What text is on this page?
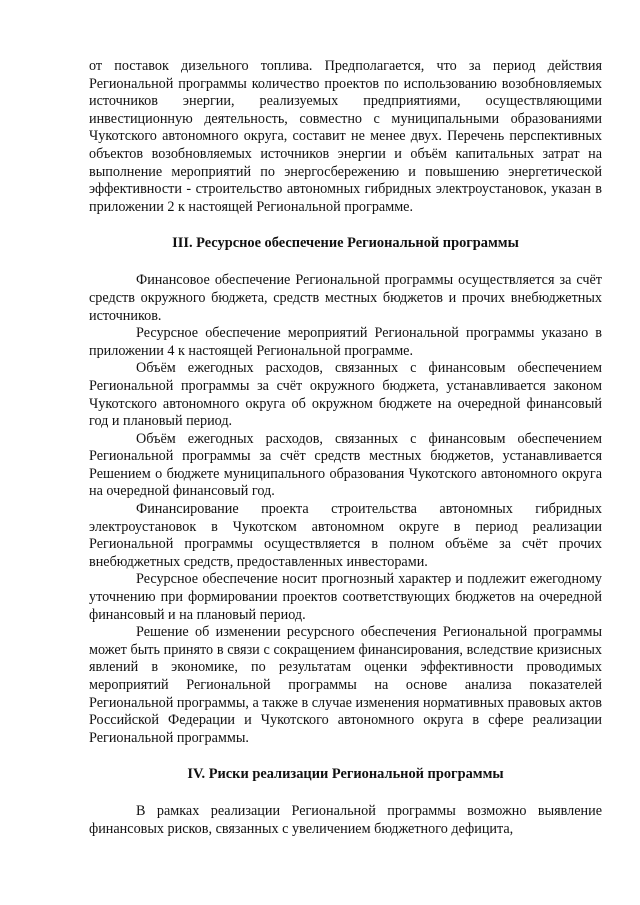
от поставок дизельного топлива. Предполагается, что за период действия Региональной программы количество проектов по использованию возобновляемых источников энергии, реализуемых предприятиями, осуществляющими инвестиционную деятельность, совместно с муниципальными образованиями Чукотского автономного округа, составит не менее двух. Перечень перспективных объектов возобновляемых источников энергии и объём капитальных затрат на выполнение мероприятий по энергосбережению и повышению энергетической эффективности - строительство автономных гибридных электроустановок, указан в приложении 2 к настоящей Региональной программе.

III. Ресурсное обеспечение Региональной программы

Финансовое обеспечение Региональной программы осуществляется за счёт средств окружного бюджета, средств местных бюджетов и прочих внебюджетных источников.

Ресурсное обеспечение мероприятий Региональной программы указано в приложении 4 к настоящей Региональной программе.

Объём ежегодных расходов, связанных с финансовым обеспечением Региональной программы за счёт окружного бюджета, устанавливается законом Чукотского автономного округа об окружном бюджете на очередной финансовый год и плановый период.

Объём ежегодных расходов, связанных с финансовым обеспечением Региональной программы за счёт средств местных бюджетов, устанавливается Решением о бюджете муниципального образования Чукотского автономного округа на очередной финансовый год.

Финансирование проекта строительства автономных гибридных электроустановок в Чукотском автономном округе в период реализации Региональной программы осуществляется в полном объёме за счёт прочих внебюджетных средств, предоставленных инвесторами.

Ресурсное обеспечение носит прогнозный характер и подлежит ежегодному уточнению при формировании проектов соответствующих бюджетов на очередной финансовый и на плановый период.

Решение об изменении ресурсного обеспечения Региональной программы может быть принято в связи с сокращением финансирования, вследствие кризисных явлений в экономике, по результатам оценки эффективности проводимых мероприятий Региональной программы на основе анализа показателей Региональной программы, а также в случае изменения нормативных правовых актов Российской Федерации и Чукотского автономного округа в сфере реализации Региональной программы.

IV. Риски реализации Региональной программы

В рамках реализации Региональной программы возможно выявление финансовых рисков, связанных с увеличением бюджетного дефицита,
